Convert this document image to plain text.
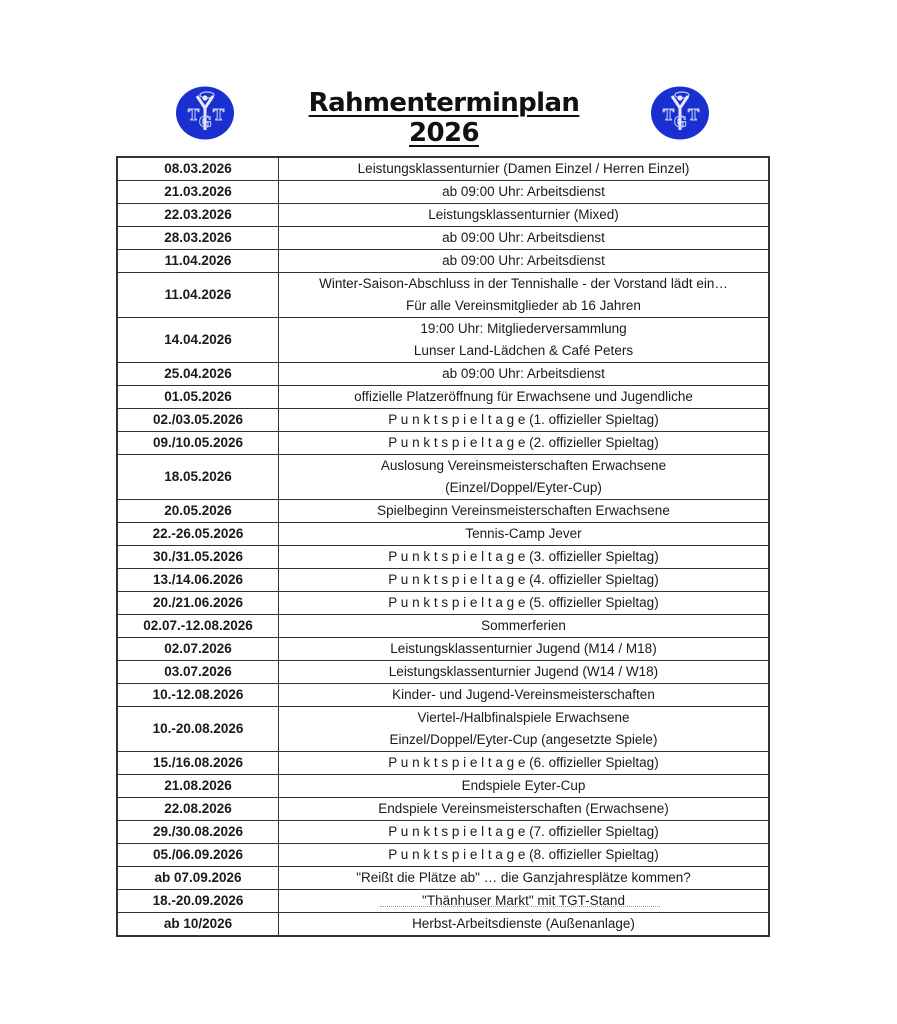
T G T	Rahmenterminplan 2026
T G T
08.03.2026	Leistungsklassenturnier (Damen Einzel / Herren Einzel)

21.03.2026	ab 09:00 Uhr: Arbeitsdienst

22.03.2026	Leistungsklassenturnier (Mixed)

28.03.2026	ab 09:00 Uhr: Arbeitsdienst

11.04.2026	ab 09:00 Uhr: Arbeitsdienst

11.04.2026	Winter-Saison-Abschluss in der Tennishalle - der Vorstand lädt ein…
Für alle Vereinsmitglieder ab 16 Jahren

14.04.2026	19:00 Uhr: Mitgliederversammlung
Lunser Land-Lädchen & Café Peters

25.04.2026	ab 09:00 Uhr: Arbeitsdienst

01.05.2026	offizielle Platzeröffnung für Erwachsene und Jugendliche

02./03.05.2026	P u n k t s p i e l t a g e (1. offizieller Spieltag)

09./10.05.2026	P u n k t s p i e l t a g e (2. offizieller Spieltag)

18.05.2026	Auslosung Vereinsmeisterschaften Erwachsene
(Einzel/Doppel/Eyter-Cup)

20.05.2026	Spielbeginn Vereinsmeisterschaften Erwachsene

22.-26.05.2026	Tennis-Camp Jever

30./31.05.2026	P u n k t s p i e l t a g e (3. offizieller Spieltag)

13./14.06.2026	P u n k t s p i e l t a g e (4. offizieller Spieltag)

20./21.06.2026	P u n k t s p i e l t a g e (5. offizieller Spieltag)

02.07.-12.08.2026	Sommerferien

02.07.2026	Leistungsklassenturnier Jugend (M14 / M18)

03.07.2026	Leistungsklassenturnier Jugend (W14 / W18)

10.-12.08.2026	Kinder- und Jugend-Vereinsmeisterschaften

10.-20.08.2026	Viertel-/Halbfinalspiele Erwachsene
Einzel/Doppel/Eyter-Cup (angesetzte Spiele)

15./16.08.2026	P u n k t s p i e l t a g e (6. offizieller Spieltag)

21.08.2026	Endspiele Eyter-Cup

22.08.2026	Endspiele Vereinsmeisterschaften (Erwachsene)

29./30.08.2026	P u n k t s p i e l t a g e (7. offizieller Spieltag)

05./06.09.2026	P u n k t s p i e l t a g e (8. offizieller Spieltag)

ab 07.09.2026	"Reißt die Plätze ab" … die Ganzjahresplätze kommen?

18.-20.09.2026	"Thänhuser Markt" mit TGT-Stand

ab 10/2026	Herbst-Arbeitsdienste (Außenanlage)
